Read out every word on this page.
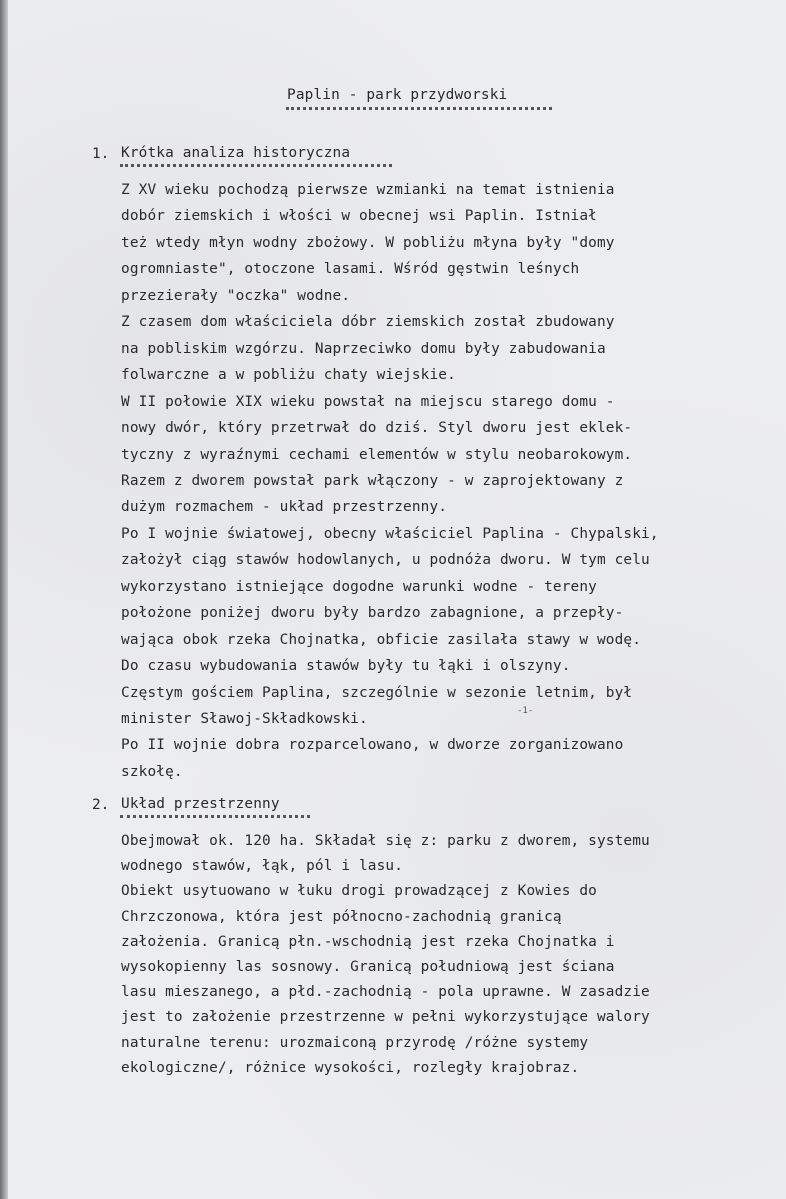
Paplin - park przydworski
1. Krótka analiza historyczna
Z XV wieku pochodzą pierwsze wzmianki na temat istnienia
dobór ziemskich i włości w obecnej wsi Paplin. Istniał
też wtedy młyn wodny zbożowy. W pobliżu młyna były "domy
ogromniaste", otoczone lasami. Wśród gęstwin leśnych
przezierały "oczka" wodne.
Z czasem dom właściciela dóbr ziemskich został zbudowany
na pobliskim wzgórzu. Naprzeciwko domu były zabudowania
folwarczne a w pobliżu chaty wiejskie.
W II połowie XIX wieku powstał na miejscu starego domu -
nowy dwór, który przetrwał do dziś. Styl dworu jest eklek-
tyczny z wyraźnymi cechami elementów w stylu neobarokowym.
Razem z dworem powstał park włączony - w zaprojektowany z
dużym rozmachem - układ przestrzenny.
Po I wojnie światowej, obecny właściciel Paplina - Chypalski,
założył ciąg stawów hodowlanych, u podnóża dworu. W tym celu
wykorzystano istniejące dogodne warunki wodne - tereny
położone poniżej dworu były bardzo zabagnione, a przepły-
wająca obok rzeka Chojnatka, obficie zasilała stawy w wodę.
Do czasu wybudowania stawów były tu łąki i olszyny.
Częstym gościem Paplina, szczególnie w sezonie letnim, był
minister Sławoj-Składkowski.
Po II wojnie dobra rozparcelowano, w dworze zorganizowano
szkołę.
-1-
2. Układ przestrzenny
Obejmował ok. 120 ha. Składał się z: parku z dworem, systemu
wodnego stawów, łąk, pól i lasu.
Obiekt usytuowano w łuku drogi prowadzącej z Kowies do
Chrzczonowa, która jest północno-zachodnią granicą
założenia. Granicą płn.-wschodnią jest rzeka Chojnatka i
wysokopienny las sosnowy. Granicą południową jest ściana
lasu mieszanego, a płd.-zachodnią - pola uprawne. W zasadzie
jest to założenie przestrzenne w pełni wykorzystujące walory
naturalne terenu: urozmaiconą przyrodę /różne systemy
ekologiczne/, różnice wysokości, rozległy krajobraz.
